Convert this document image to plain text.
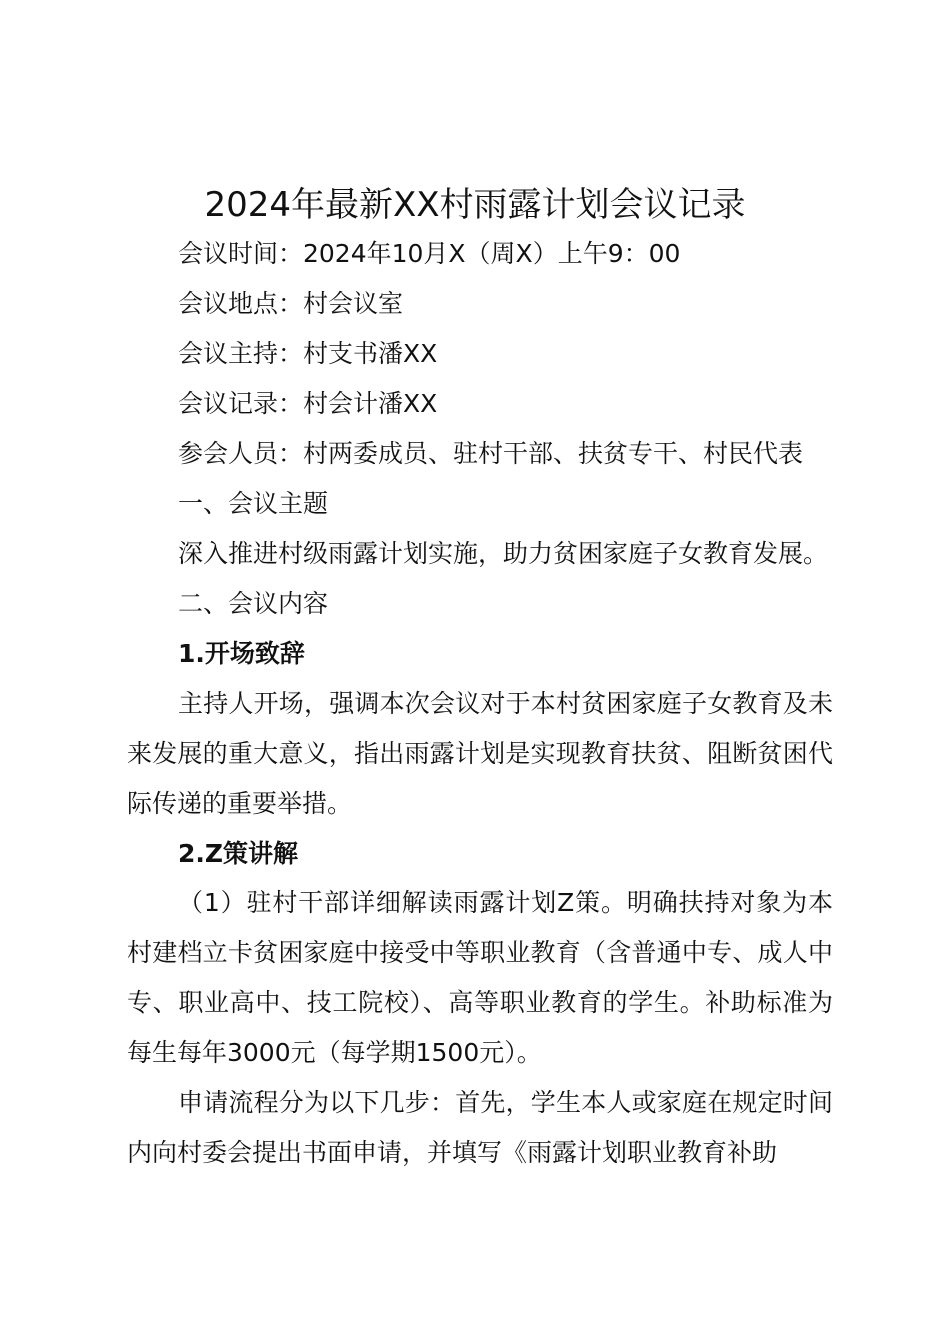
2024年最新XX村雨露计划会议记录
会议时间：2024年10月X（周X）上午9：00
会议地点：村会议室
会议主持：村支书潘XX
会议记录：村会计潘XX
参会人员：村两委成员、驻村干部、扶贫专干、村民代表
一、会议主题
深入推进村级雨露计划实施，助力贫困家庭子女教育发展。
二、会议内容
1.开场致辞

主持人开场，强调本次会议对于本村贫困家庭子女教育及未来发展的重大意义，指出雨露计划是实现教育扶贫、阻断贫困代际传递的重要举措。

2.Z策讲解

（1）驻村干部详细解读雨露计划Z策。明确扶持对象为本村建档立卡贫困家庭中接受中等职业教育（含普通中专、成人中专、职业高中、技工院校）、高等职业教育的学生。补助标准为每生每年3000元（每学期1500元）。

申请流程分为以下几步：首先，学生本人或家庭在规定时间内向村委会提出书面申请，并填写《雨露计划职业教育补助
